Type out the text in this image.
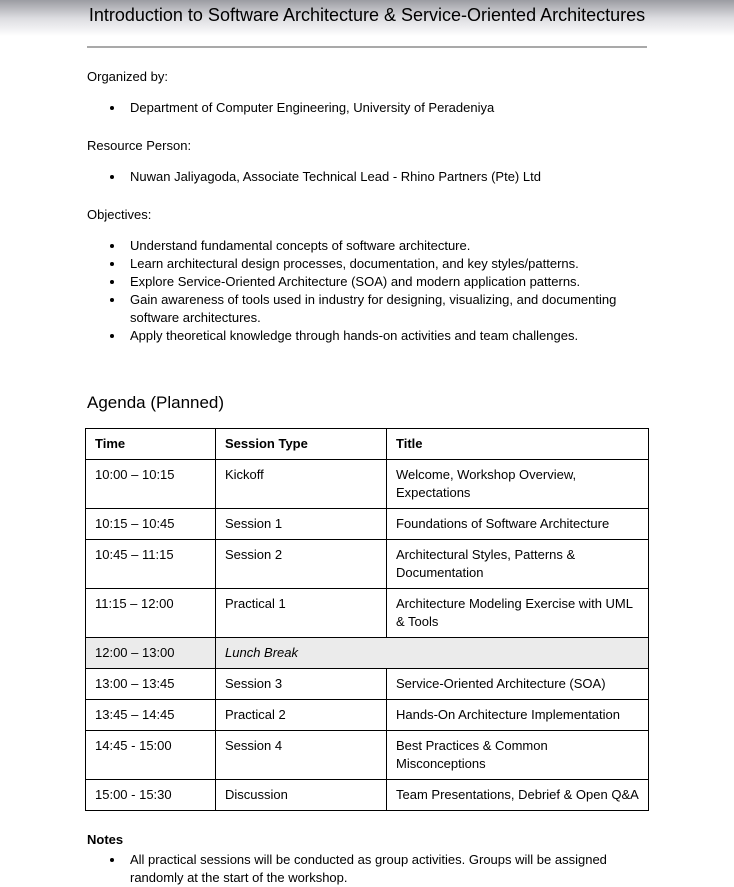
Introduction to Software Architecture & Service-Oriented Architectures

Organized by:

• Department of Computer Engineering, University of Peradeniya

Resource Person:

• Nuwan Jaliyagoda, Associate Technical Lead - Rhino Partners (Pte) Ltd

Objectives:

• Understand fundamental concepts of software architecture.
• Learn architectural design processes, documentation, and key styles/patterns.
• Explore Service-Oriented Architecture (SOA) and modern application patterns.
• Gain awareness of tools used in industry for designing, visualizing, and documenting software architectures.
• Apply theoretical knowledge through hands-on activities and team challenges.
Agenda (Planned)
Time	Session Type	Title
10:00 – 10:15	Kickoff	Welcome, Workshop Overview, Expectations
10:15 – 10:45	Session 1	Foundations of Software Architecture
10:45 – 11:15	Session 2	Architectural Styles, Patterns & Documentation
11:15 – 12:00	Practical 1	Architecture Modeling Exercise with UML & Tools
12:00 – 13:00	Lunch Break	
13:00 – 13:45	Session 3	Service-Oriented Architecture (SOA)
13:45 – 14:45	Practical 2	Hands-On Architecture Implementation
14:45 - 15:00	Session 4	Best Practices & Common Misconceptions
15:00 - 15:30	Discussion	Team Presentations, Debrief & Open Q&A

Notes

• All practical sessions will be conducted as group activities. Groups will be assigned randomly at the start of the workshop.
